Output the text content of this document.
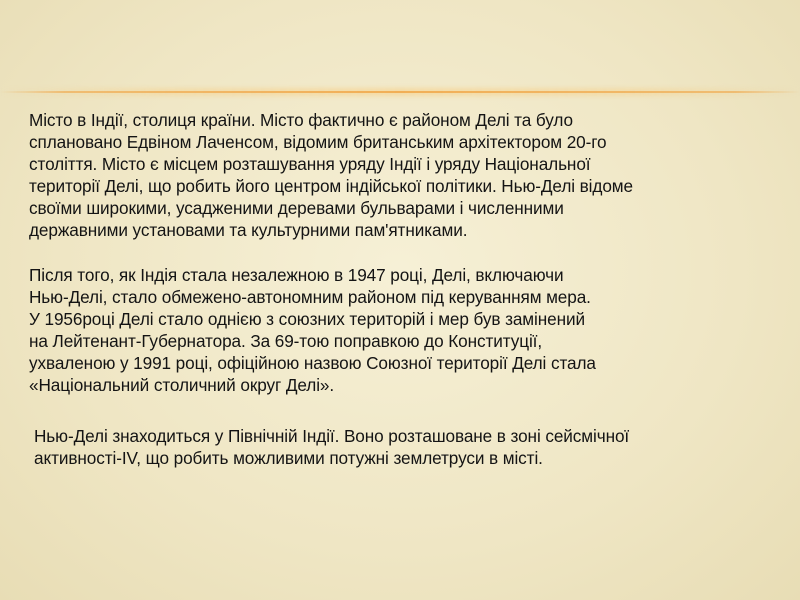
Місто в Індії, столиця країни. Місто фактично є районом Делі та було
сплановано Едвіном Лаченсом, відомим британським архітектором 20-го
століття. Місто є місцем розташування уряду Індії і уряду Національної
території Делі, що робить його центром індійської політики. Нью-Делі відоме
своїми широкими, усадженими деревами бульварами і численними
державними установами та культурними пам'ятниками.

Після того, як Індія стала незалежною в 1947 році, Делі, включаючи
Нью-Делі, стало обмежено-автономним районом під керуванням мера.
У 1956році Делі стало однією з союзних територій і мер був замінений
на Лейтенант-Губернатора. За 69-тою поправкою до Конституції,
ухваленою у 1991 році, офіційною назвою Союзної території Делі стала
«Національний столичний округ Делі».

Нью-Делі знаходиться у Північній Індії. Воно розташоване в зоні сейсмічної
активності-IV, що робить можливими потужні землетруси в місті.
